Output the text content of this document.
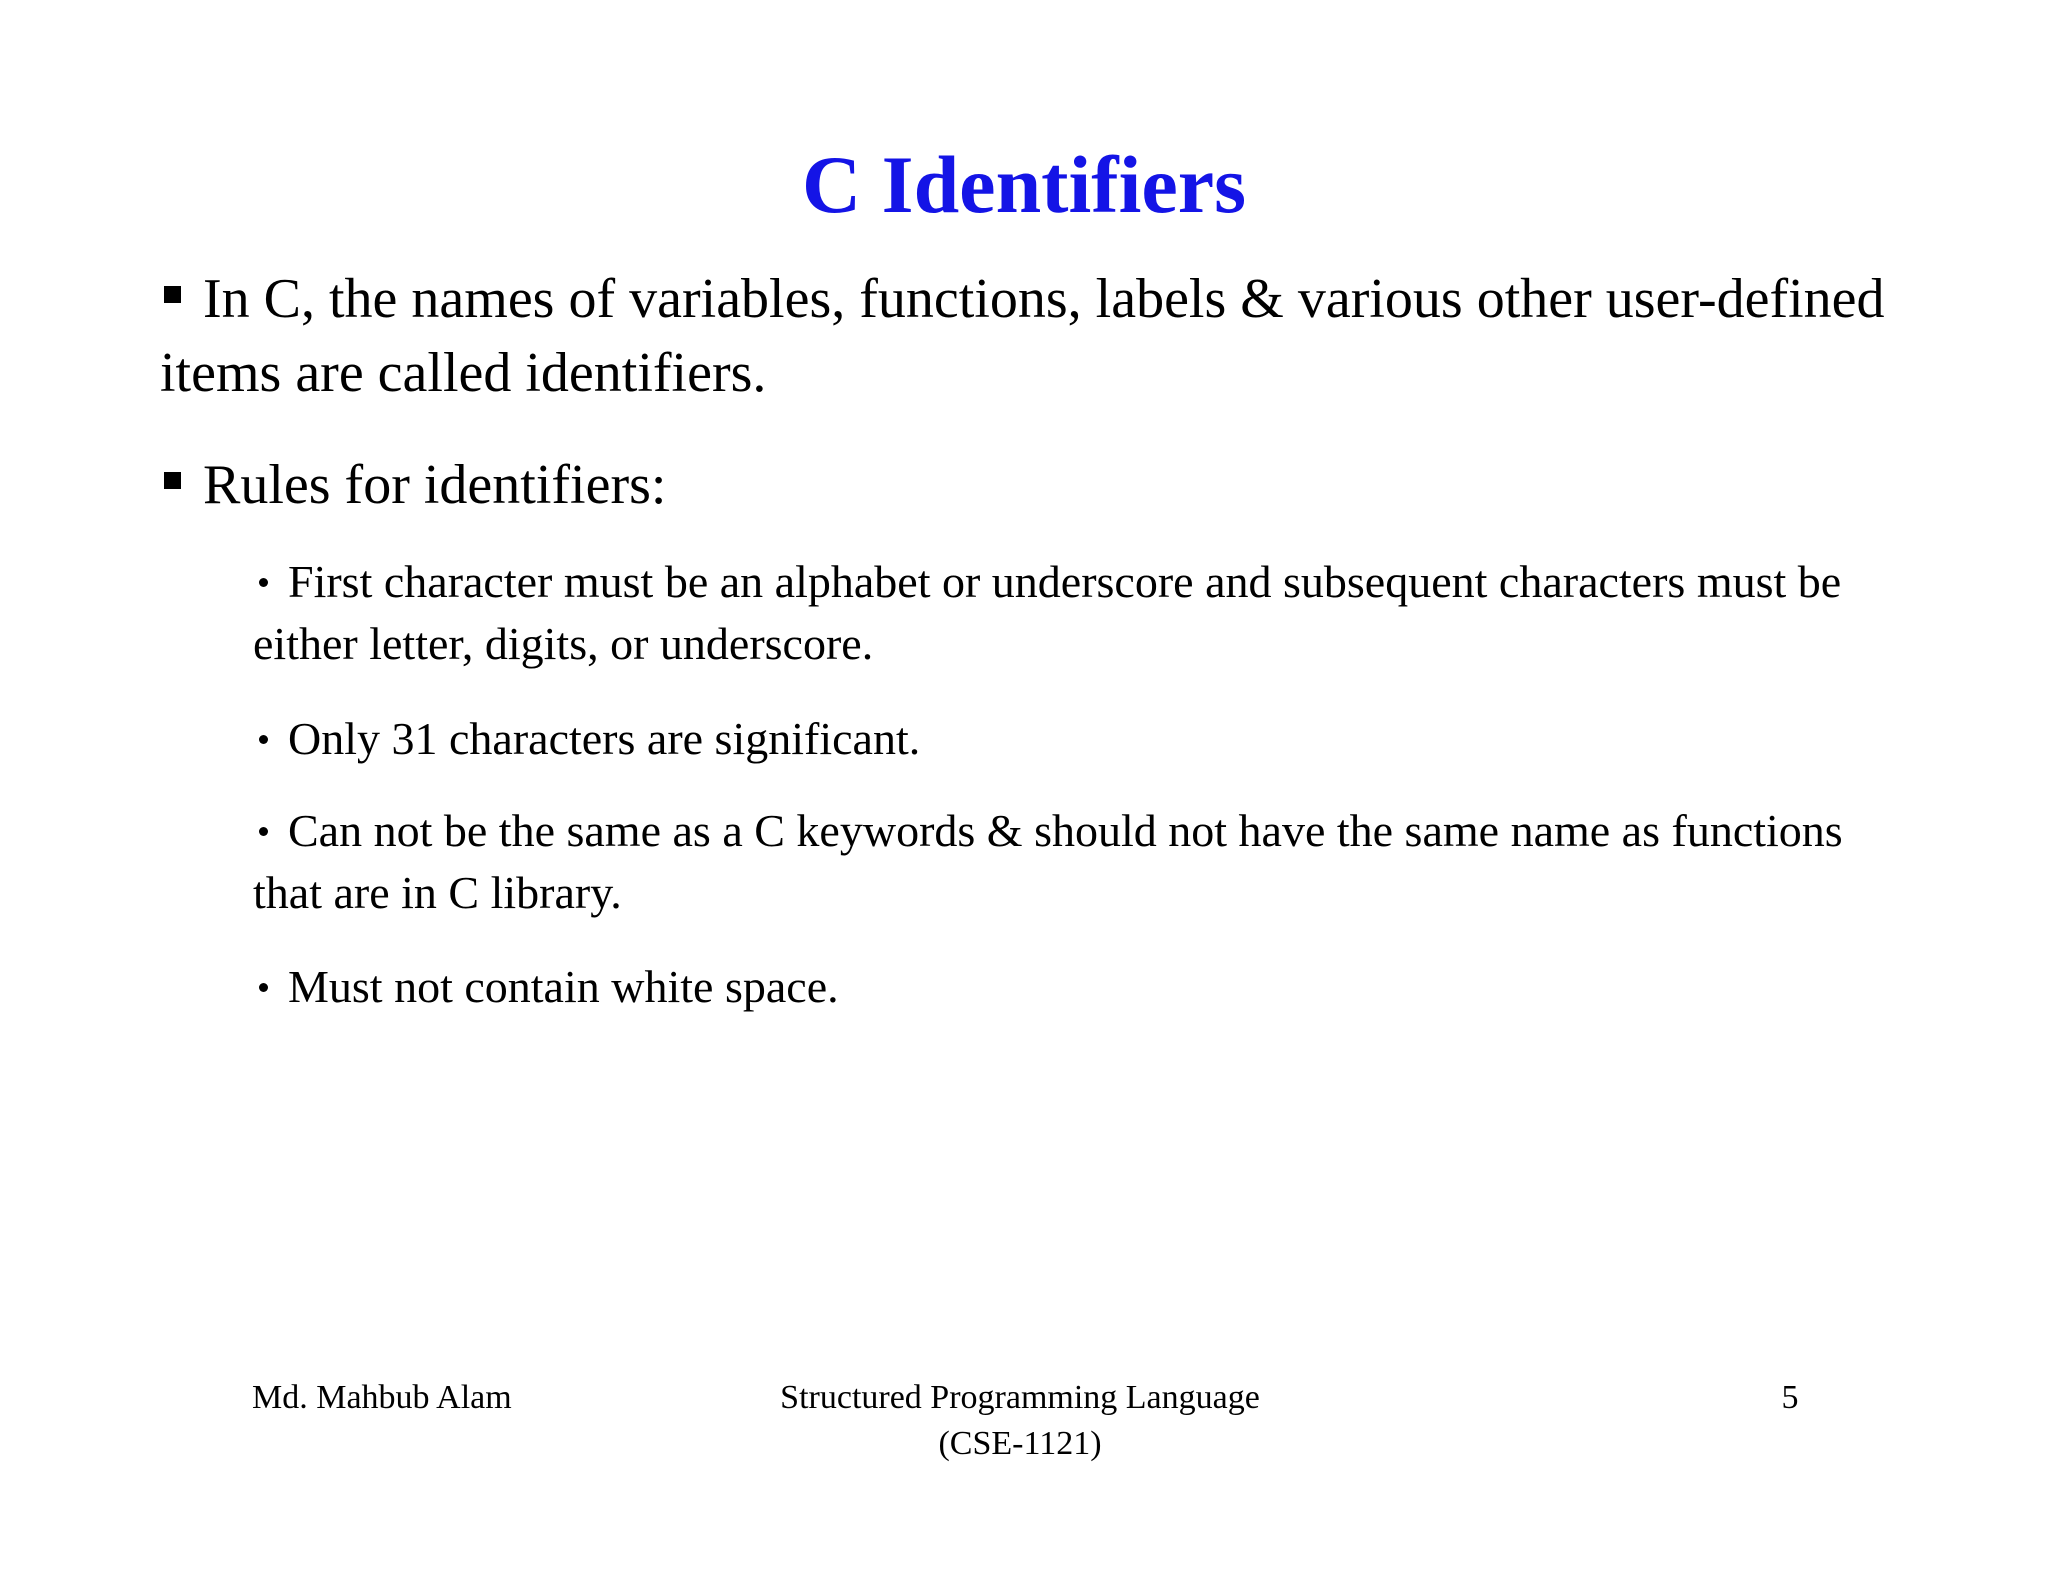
C Identifiers
In C, the names of variables, functions, labels & various other user-defined items are called identifiers.
Rules for identifiers:
First character must be an alphabet or underscore and subsequent characters must be either letter, digits, or underscore.
Only 31 characters are significant.
Can not be the same as a C keywords & should not have the same name as functions that are in C library.
Must not contain white space.
Md. Mahbub Alam	Structured Programming Language
(CSE-1121)
5
